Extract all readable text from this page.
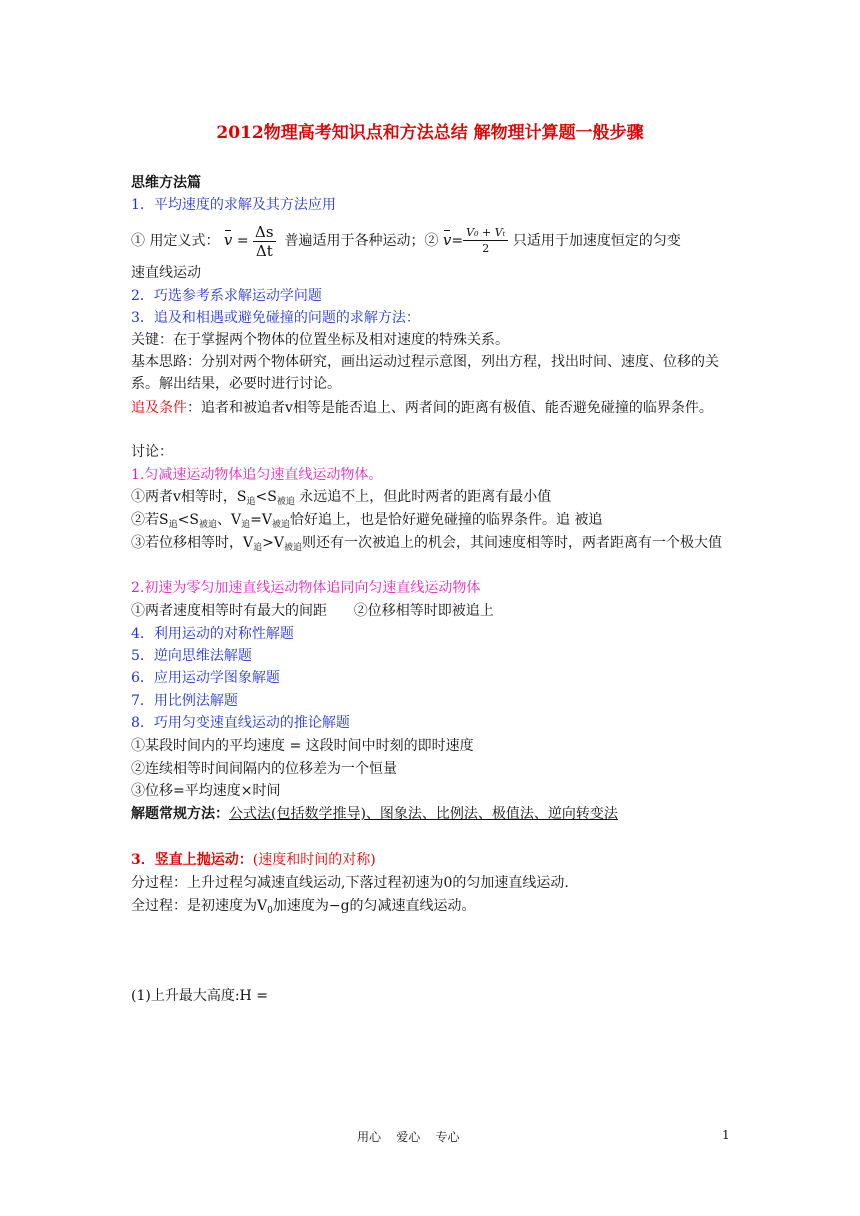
2012物理高考知识点和方法总结 解物理计算题一般步骤
思维方法篇
1．平均速度的求解及其方法应用
① 用定义式： $v = \frac{\Delta s}{\Delta t}$ 普遍适用于各种运动；② $v= \frac{\text{V₀ + Vₜ}}{2}$ 只适用于加速度恒定的匀变
速直线运动
2．巧选参考系求解运动学问题
3．追及和相遇或避免碰撞的问题的求解方法：
关键：在于掌握两个物体的位置坐标及相对速度的特殊关系。
基本思路：分别对两个物体研究，画出运动过程示意图，列出方程，找出时间、速度、位移的关系。解出结果，必要时进行讨论。
追及条件：追者和被追者v相等是能否追上、两者间的距离有极值、能否避免碰撞的临界条件。
讨论：
1.匀减速运动物体追匀速直线运动物体。
①两者v相等时，$S_追<S_{被追}$ 永远追不上，但此时两者的距离有最小值
②若$S_追<S_{被追}$、$V_追=V_{被追}$恰好追上，也是恰好避免碰撞的临界条件。追 被追
③若位移相等时，$V_追>V_{被追}$则还有一次被追上的机会，其间速度相等时，两者距离有一个极大值
2.初速为零匀加速直线运动物体追同向匀速直线运动物体
①两者速度相等时有最大的间距      ②位移相等时即被追上
4．利用运动的对称性解题
5．逆向思维法解题
6．应用运动学图象解题
7．用比例法解题
8．巧用匀变速直线运动的推论解题
①某段时间内的平均速度 = 这段时间中时刻的即时速度
②连续相等时间间隔内的位移差为一个恒量
③位移=平均速度×时间
解题常规方法：公式法(包括数学推导)、图象法、比例法、极值法、逆向转变法
3．竖直上抛运动：(速度和时间的对称)
分过程：上升过程匀减速直线运动,下落过程初速为0的匀加速直线运动.
全过程：是初速度为$V_0$加速度为−g的匀减速直线运动。
(1)上升最大高度:H =
用心    爱心    专心	1
